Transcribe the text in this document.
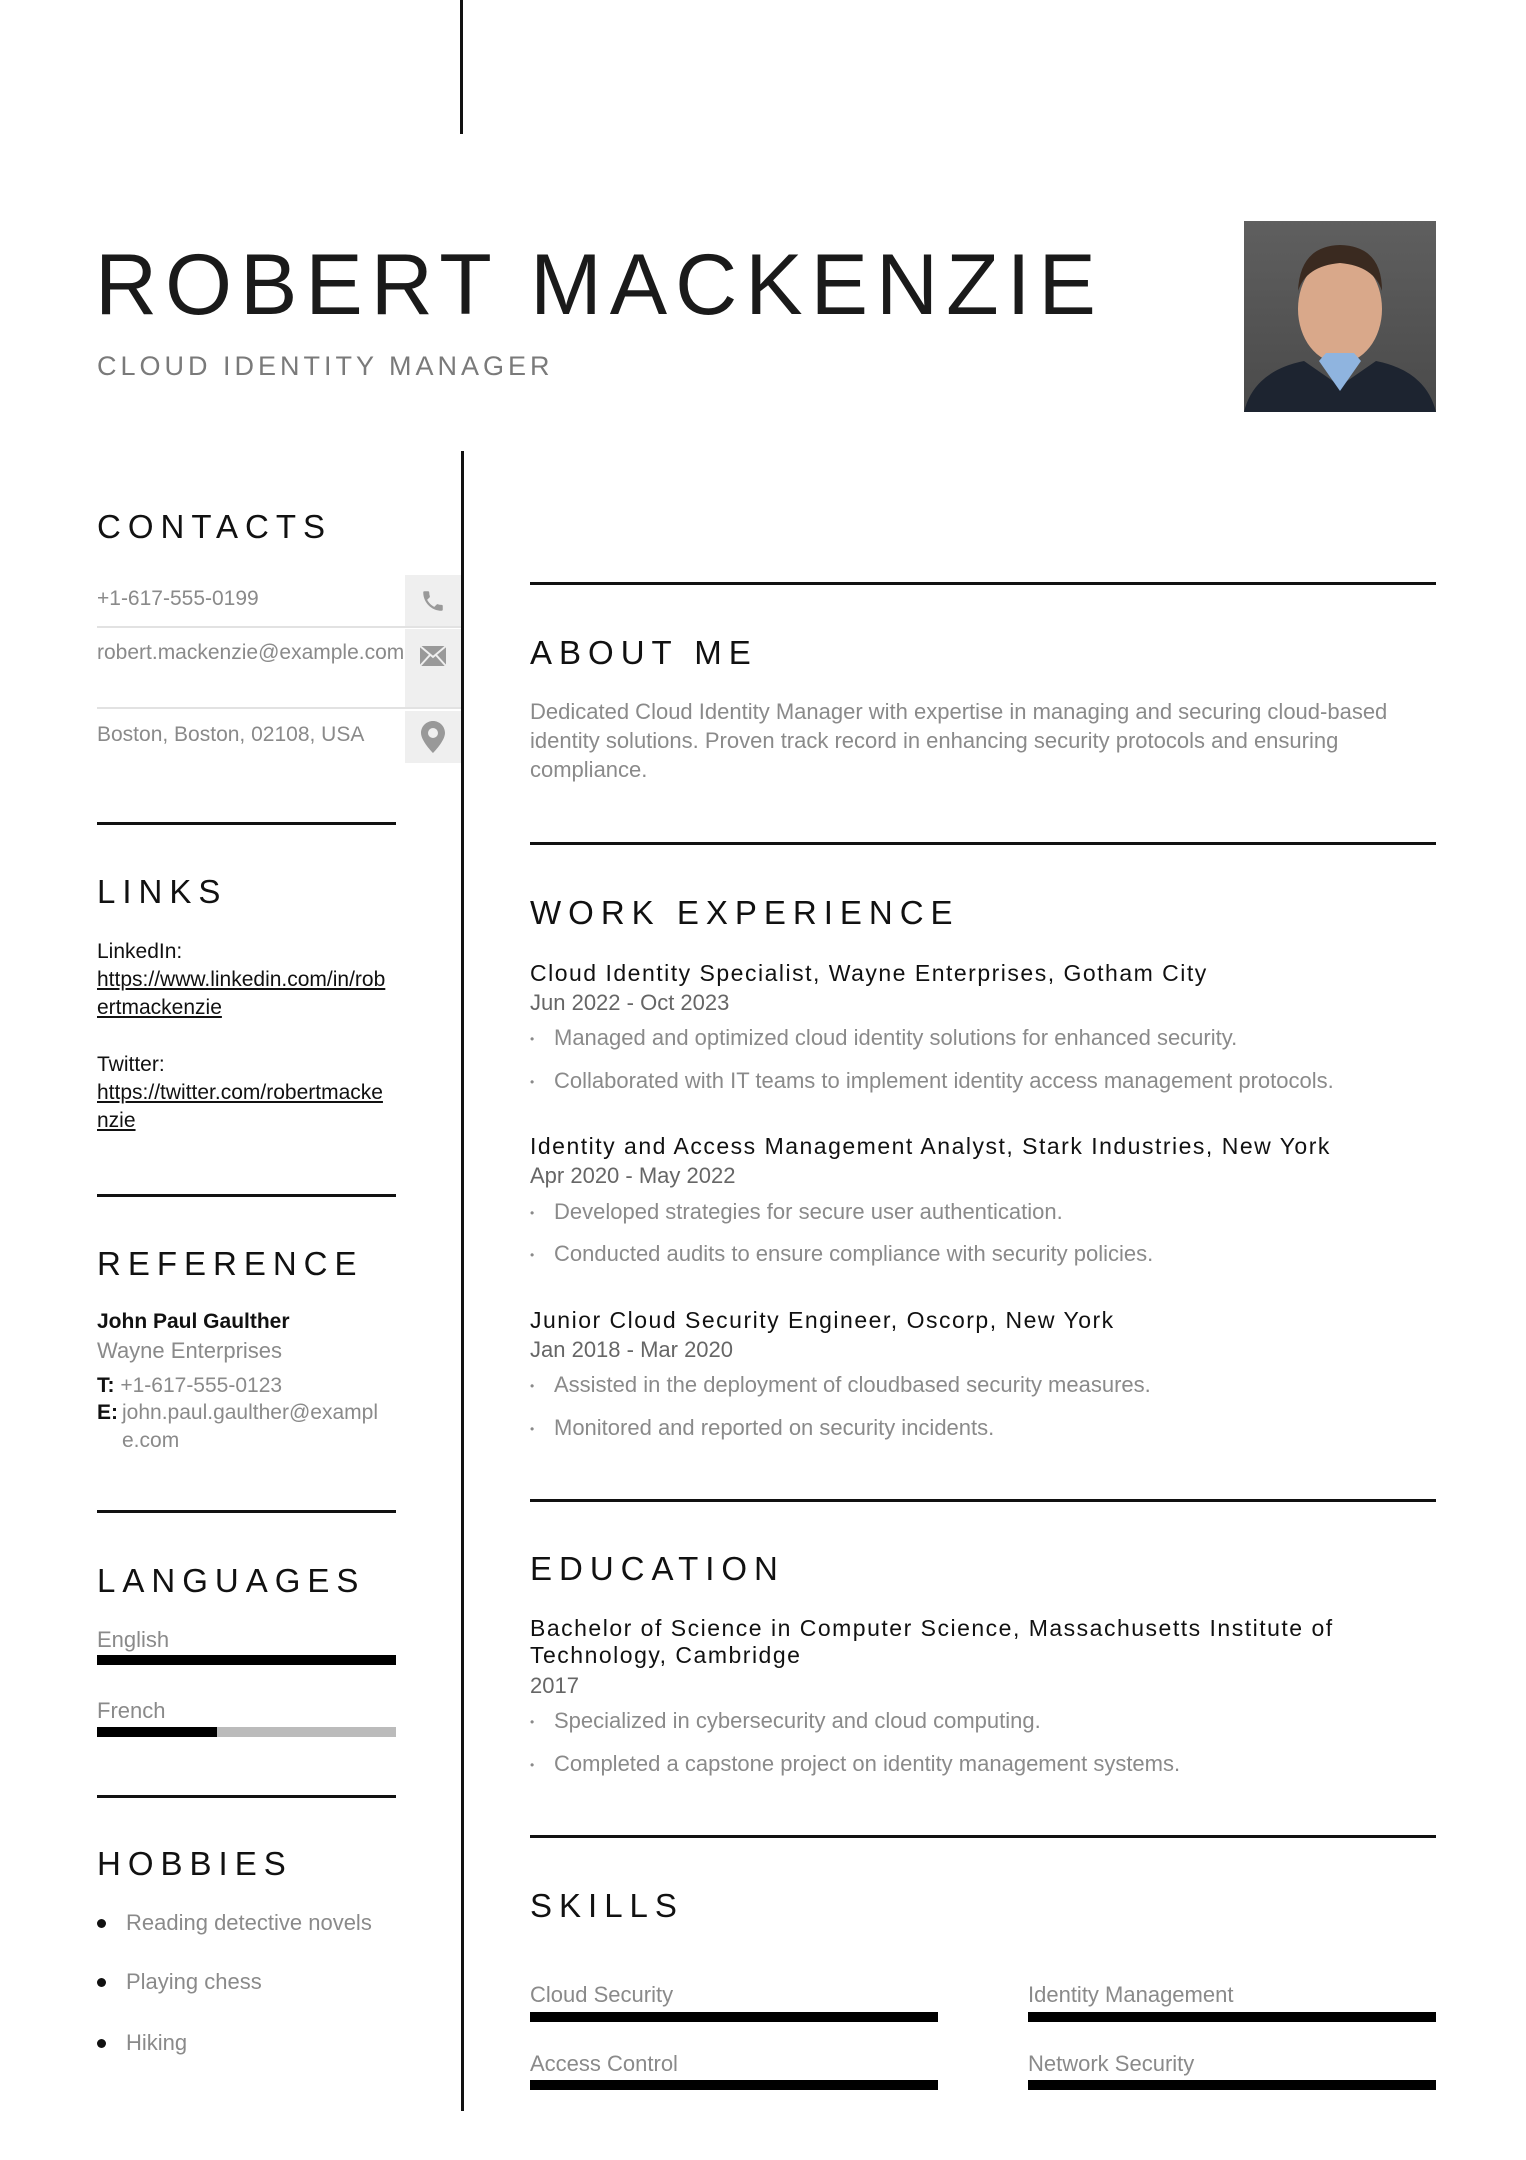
ROBERT MACKENZIE
CLOUD IDENTITY MANAGER
CONTACTS
+1-617-555-0199
robert.mackenzie@example.com
Boston, Boston, 02108, USA
LINKS
LinkedIn:
https://www.linkedin.com/in/robertmackenzie
Twitter:
https://twitter.com/robertmackenzie
REFERENCE
John Paul Gaulther
Wayne Enterprises
T: +1-617-555-0123
E: john.paul.gaulther@example.com
LANGUAGES
English
French
HOBBIES
Reading detective novels
Playing chess
Hiking
ABOUT ME
Dedicated Cloud Identity Manager with expertise in managing and securing cloud-based
identity solutions. Proven track record in enhancing security protocols and ensuring
compliance.
WORK EXPERIENCE
Cloud Identity Specialist, Wayne Enterprises, Gotham City
Jun 2022 - Oct 2023
• Managed and optimized cloud identity solutions for enhanced security.
• Collaborated with IT teams to implement identity access management protocols.
Identity and Access Management Analyst, Stark Industries, New York
Apr 2020 - May 2022
• Developed strategies for secure user authentication.
• Conducted audits to ensure compliance with security policies.
Junior Cloud Security Engineer, Oscorp, New York
Jan 2018 - Mar 2020
• Assisted in the deployment of cloudbased security measures.
• Monitored and reported on security incidents.
EDUCATION
Bachelor of Science in Computer Science, Massachusetts Institute of
Technology, Cambridge
2017
• Specialized in cybersecurity and cloud computing.
• Completed a capstone project on identity management systems.
SKILLS
Cloud Security	Identity Management
Access Control	Network Security
